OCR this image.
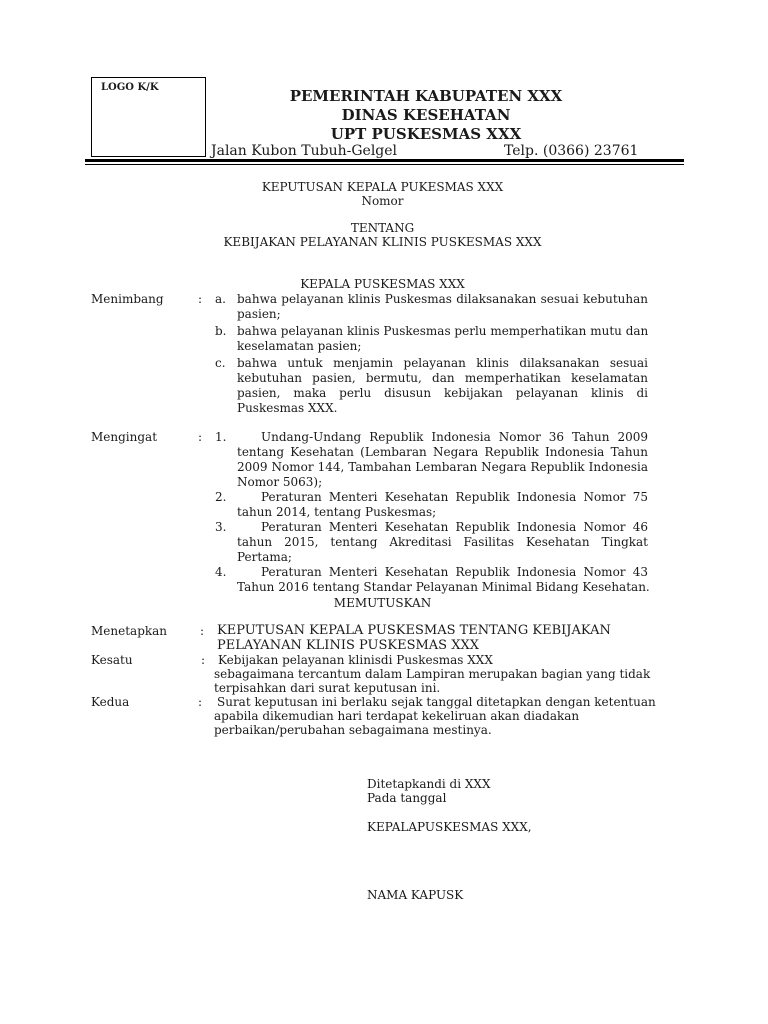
LOGO K/K	PEMERINTAH KABUPATEN XXX
DINAS KESEHATAN
UPT PUSKESMAS XXX
Jalan Kubon Tubuh-Gelgel	Telp. (0366) 23761
KEPUTUSAN KEPALA PUKESMAS XXX
Nomor
TENTANG
KEBIJAKAN PELAYANAN KLINIS PUSKESMAS XXX
KEPALA PUSKESMAS XXX
Menimbang	: a. bahwa pelayanan klinis Puskesmas dilaksanakan sesuai kebutuhan
pasien;
b. bahwa pelayanan klinis Puskesmas perlu memperhatikan mutu dan
keselamatan pasien;
c. bahwa untuk menjamin pelayanan klinis dilaksanakan sesuai
kebutuhan pasien, bermutu, dan memperhatikan keselamatan
pasien, maka perlu disusun kebijakan pelayanan klinis di
Puskesmas XXX.
Mengingat	: 1.	Undang-Undang Republik Indonesia Nomor 36 Tahun 2009
tentang Kesehatan (Lembaran Negara Republik Indonesia Tahun
2009 Nomor 144, Tambahan Lembaran Negara Republik Indonesia
Nomor 5063);
2.	Peraturan Menteri Kesehatan Republik Indonesia Nomor 75
tahun 2014, tentang Puskesmas;
3.	Peraturan Menteri Kesehatan Republik Indonesia Nomor 46
tahun 2015, tentang Akreditasi Fasilitas Kesehatan Tingkat
Pertama;
4.	Peraturan Menteri Kesehatan Republik Indonesia Nomor 43
Tahun 2016 tentang Standar Pelayanan Minimal Bidang Kesehatan.
MEMUTUSKAN
Menetapkan	: KEPUTUSAN KEPALA PUSKESMAS TENTANG KEBIJAKAN
PELAYANAN KLINIS PUSKESMAS XXX
Kesatu	: Kebijakan pelayanan klinisdi Puskesmas XXX
sebagaimana tercantum dalam Lampiran merupakan bagian yang tidak
terpisahkan dari surat keputusan ini.
Kedua	: Surat keputusan ini berlaku sejak tanggal ditetapkan dengan ketentuan
apabila dikemudian hari terdapat kekeliruan akan diadakan
perbaikan/perubahan sebagaimana mestinya.
Ditetapkandi di XXX
Pada tanggal
KEPALAPUSKESMAS XXX,
NAMA KAPUSK
